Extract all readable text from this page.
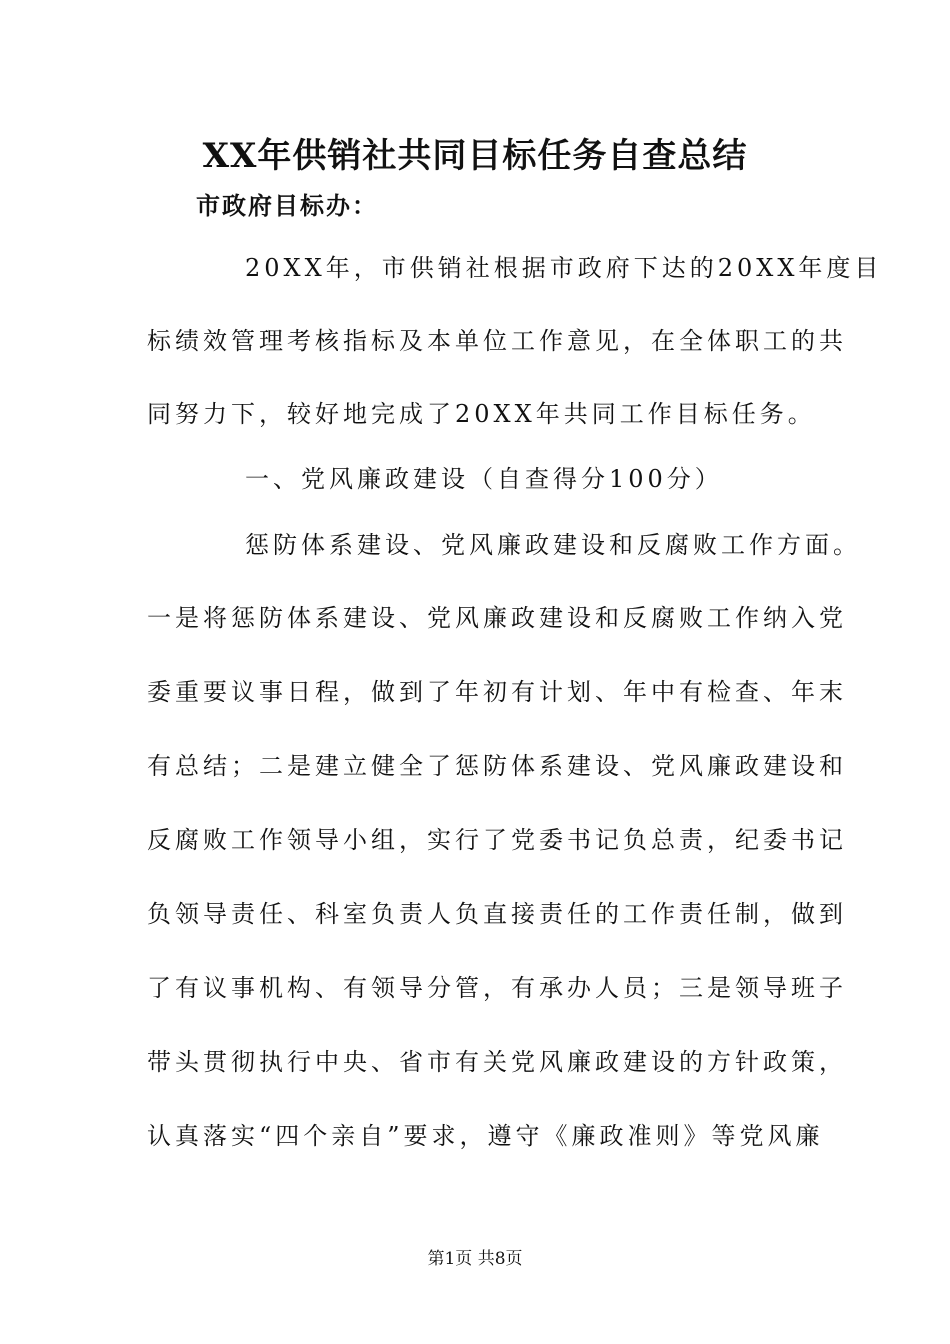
XX年供销社共同目标任务自查总结
市政府目标办：
20XX年，市供销社根据市政府下达的20XX年度目
标绩效管理考核指标及本单位工作意见，在全体职工的共
同努力下，较好地完成了20XX年共同工作目标任务。
一、党风廉政建设（自查得分100分）
惩防体系建设、党风廉政建设和反腐败工作方面。
一是将惩防体系建设、党风廉政建设和反腐败工作纳入党
委重要议事日程，做到了年初有计划、年中有检查、年末
有总结；二是建立健全了惩防体系建设、党风廉政建设和
反腐败工作领导小组，实行了党委书记负总责，纪委书记
负领导责任、科室负责人负直接责任的工作责任制，做到
了有议事机构、有领导分管，有承办人员；三是领导班子
带头贯彻执行中央、省市有关党风廉政建设的方针政策，
认真落实“四个亲自”要求，遵守《廉政准则》等党风廉
第1页 共8页
